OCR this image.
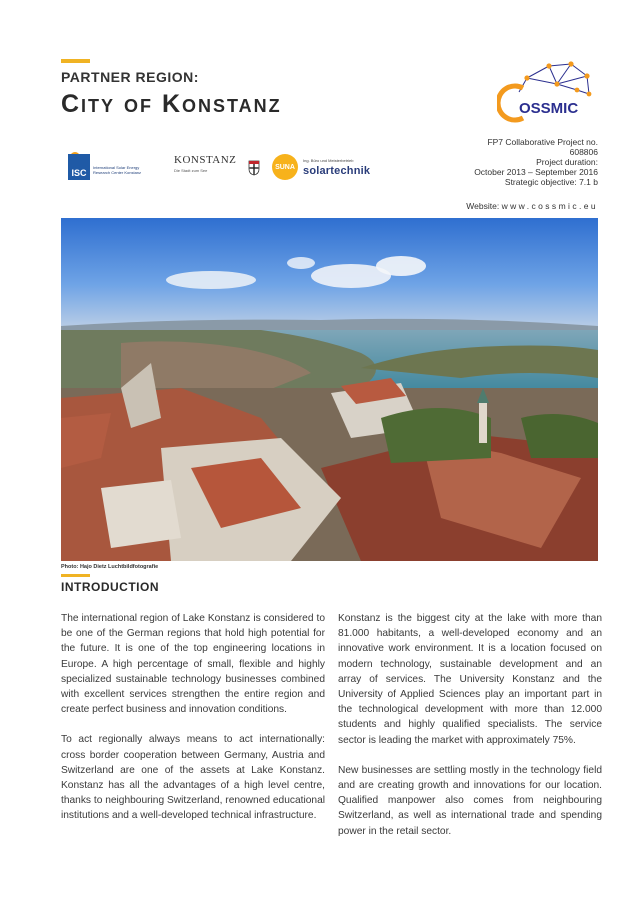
PARTNER REGION:
City of Konstanz	OSSMIC
ISC
International Solar Energy Research Center Konstanz
KONSTANZ
Die Stadt zum See	SUNA
Ing. Büro und Meisterbetrieb
solartechnik
FP7 Collaborative Project no.
608806
Project duration:
October 2013 – September 2016
Strategic objective: 7.1 b
Website: www.cossmic.eu
Photo: Hajo Dietz Luchtbildfotografie
INTRODUCTION

The international region of Lake Konstanz is considered to be one of the German regions that hold high potential for the future. It is one of the top engineering locations in Europe. A high percentage of small, flexible and highly specialized sustainable technology businesses combined with excellent services strengthen the entire region and create perfect business and innovation conditions.

To act regionally always means to act internationally: cross border cooperation between Germany, Austria and Switzerland are one of the assets at Lake Konstanz. Konstanz has all the advantages of a high level centre, thanks to neighbouring Switzerland, renowned educational institutions and a well-developed technical infrastructure.

Konstanz is the biggest city at the lake with more than 81.000 habitants, a well-developed economy and an innovative work environment. It is a location focused on modern technology, sustainable development and an array of services. The University Konstanz and the University of Applied Sciences play an important part in the technological development with more than 12.000 students and highly qualified specialists. The service sector is leading the market with approximately 75%.

New businesses are settling mostly in the technology field and are creating growth and innovations for our location. Qualified manpower also comes from neighbouring Switzerland, as well as international trade and spending power in the retail sector.
